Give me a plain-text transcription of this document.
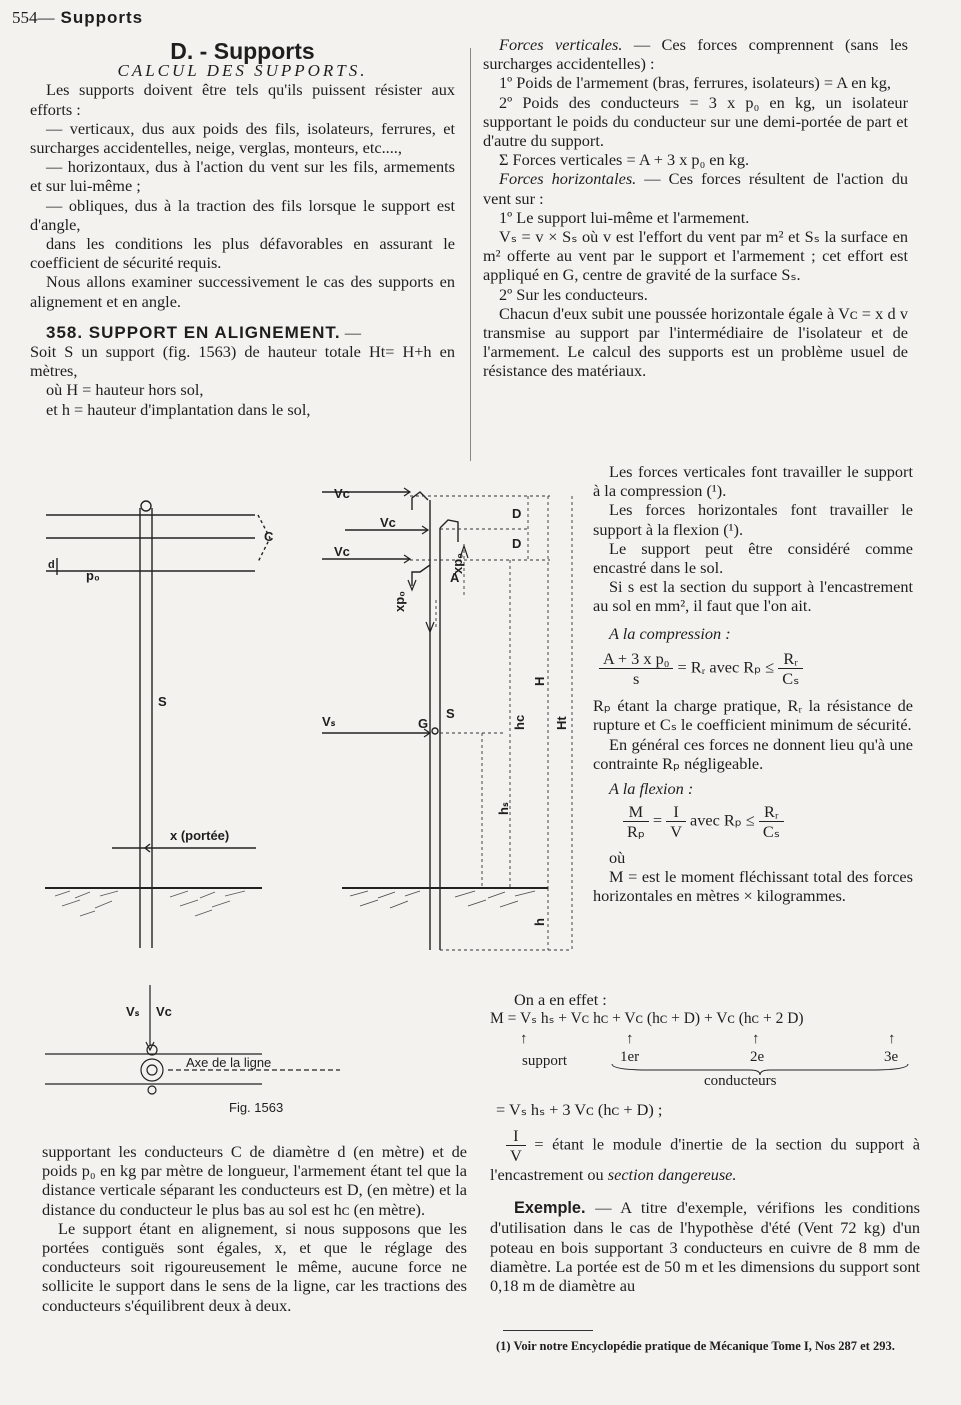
554— Supports

D. - Supports

CALCUL DES SUPPORTS.

Les supports doivent être tels qu'ils puissent résister aux efforts :

— verticaux, dus aux poids des fils, isolateurs, ferrures, et surcharges accidentelles, neige, verglas, monteurs, etc....,

— horizontaux, dus à l'action du vent sur les fils, armements et sur lui-même ;

— obliques, dus à la traction des fils lorsque le support est d'angle,

dans les conditions les plus défavorables en assurant le coefficient de sécurité requis.

Nous allons examiner successivement le cas des supports en alignement et en angle.

358. SUPPORT EN ALIGNEMENT. —

Soit S un support (fig. 1563) de hauteur totale Ht= H+h en mètres,

où H = hauteur hors sol,

et h = hauteur d'implantation dans le sol,

C
d
p₀
S
x (portée)
Vᴄ
Vᴄ
Vᴄ
Vₛ	G
S
D
D
A
xp₀
xp₀
H
Ht
hᴄ
hₛ
h
Vₛ Vᴄ
Axe de la ligne
Fig. 1563

supportant les conducteurs C de diamètre d (en mètre) et de poids p₀ en kg par mètre de longueur, l'armement étant tel que la distance verticale séparant les conducteurs est D, (en mètre) et la distance du conducteur le plus bas au sol est hᴄ (en mètre).

Le support étant en alignement, si nous supposons que les portées contiguës sont égales, x, et que le réglage des conducteurs soit rigoureusement le même, aucune force ne sollicite le support dans le sens de la ligne, car les tractions des conducteurs s'équilibrent deux à deux.

Forces verticales. — Ces forces comprennent (sans les surcharges accidentelles) :

1º Poids de l'armement (bras, ferrures, isolateurs) = A en kg,

2º Poids des conducteurs = 3 x p₀ en kg, un isolateur supportant le poids du conducteur sur une demi-portée de part et d'autre du support.

Σ Forces verticales = A + 3 x p₀ en kg.

Forces horizontales. — Ces forces résultent de l'action du vent sur :

1º Le support lui-même et l'armement.

Vₛ = v × Sₛ où v est l'effort du vent par m² et Sₛ la surface en m² offerte au vent par le support et l'armement ; cet effort est appliqué en G, centre de gravité de la surface Sₛ.

2º Sur les conducteurs.

Chacun d'eux subit une poussée horizontale égale à Vᴄ = x d v transmise au support par l'intermédiaire de l'isolateur et de l'armement. Le calcul des supports est un problème usuel de résistance des matériaux.

Les forces verticales font travailler le support à la compression (¹).

Les forces horizontales font travailler le support à la flexion (¹).

Le support peut être considéré comme encastré dans le sol.

Si s est la section du support à l'encastrement au sol en mm², il faut que l'on ait.

A la compression :

$\frac{\text{A + 3 x p₀}}{s}$ = Rᵣ avec $R_p \le \frac{\text{Rᵣ}}{\text{Cₛ}}$

Rₚ étant la charge pratique, Rᵣ la résistance de rupture et Cₛ le coefficient minimum de sécurité.

En général ces forces ne donnent lieu qu'à une contrainte Rₚ négligeable.

A la flexion :

$\frac{M}{\text{Rₚ}} = \frac{I}{V}$ avec $R_p \le \frac{\text{Rᵣ}}{\text{Cₛ}}$

où

M = est le moment fléchissant total des forces horizontales en mètres × kilogrammes.

On a en effet :

M = Vₛ hₛ + Vᴄ hᴄ + Vᴄ (hᴄ + D) + Vᴄ (hᴄ + 2 D)

↑	↑	↑	↑
support	1er	2e	3e
conducteurs

= Vₛ hₛ + 3 Vᴄ (hᴄ + D) ;

$\frac{I}{V}$ = étant le module d'inertie de la section du support à l'encastrement ou section dangereuse.

Exemple. — A titre d'exemple, vérifions les conditions d'utilisation dans le cas de l'hypothèse d'été (Vent 72 kg) d'un poteau en bois supportant 3 conducteurs en cuivre de 8 mm de diamètre. La portée est de 50 m et les dimensions du support sont 0,18 m de diamètre au

(1) Voir notre Encyclopédie pratique de Mécanique Tome I, Nos 287 et 293.
